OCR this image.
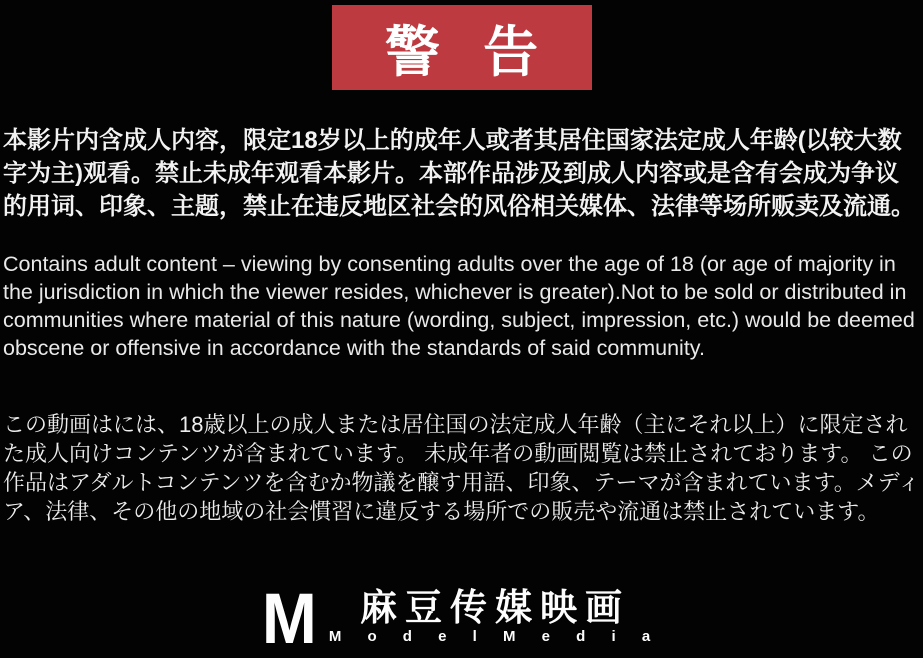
警 告

本影片内含成人内容，限定18岁以上的成年人或者其居住国家法定成人年龄(以较大数字为主)观看。禁止未成年观看本影片。本部作品涉及到成人内容或是含有会成为争议的用词、印象、主题，禁止在违反地区社会的风俗相关媒体、法律等场所贩卖及流通。

Contains adult content – viewing by consenting adults over the age of 18 (or age of majority in the jurisdiction in which the viewer resides, whichever is greater).Not to be sold or distributed in communities where material of this nature (wording, subject, impression, etc.) would be deemed obscene or offensive in accordance with the standards of said community.

この動画はには、18歳以上の成人または居住国の法定成人年齢（主にそれ以上）に限定された成人向けコンテンツが含まれています。 未成年者の動画閲覧は禁止されております。 この作品はアダルトコンテンツを含むか物議を醸す用語、印象、テーマが含まれています。メディア、法律、その他の地域の社会慣習に違反する場所での販売や流通は禁止されています。

M 麻豆传媒映画
M o d e l M e d i a
